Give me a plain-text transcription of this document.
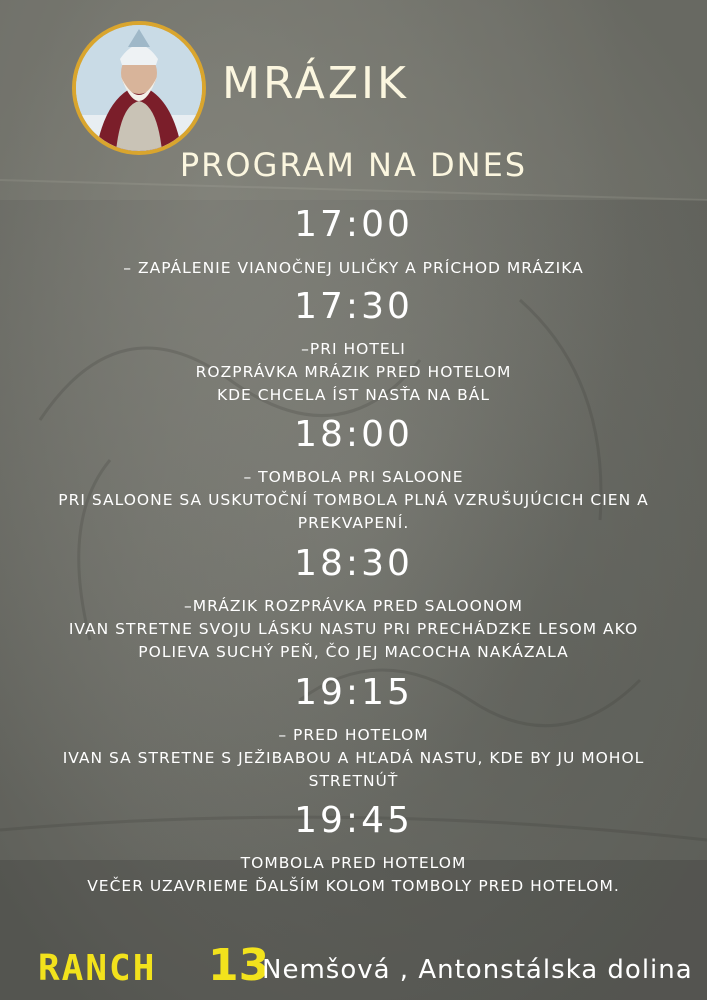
MRÁZIK
PROGRAM NA DNES
17:00
– ZAPÁLENIE VIANOČNEJ ULIČKY A PRÍCHOD MRÁZIKA
17:30
–PRI HOTELI
ROZPRÁVKA MRÁZIK PRED HOTELOM
KDE CHCELA ÍST NASŤA NA BÁL
18:00
– TOMBOLA PRI SALOONE
PRI SALOONE SA USKUTOČNÍ TOMBOLA PLNÁ VZRUŠUJÚCICH CIEN A
PREKVAPENÍ.
18:30
–MRÁZIK ROZPRÁVKA PRED SALOONOM
IVAN STRETNE SVOJU LÁSKU NASTU PRI PRECHÁDZKE LESOM AKO
POLIEVA SUCHÝ PEŇ, ČO JEJ MACOCHA NAKÁZALA
19:15
– PRED HOTELOM
IVAN SA STRETNE S JEŽIBABOU A HĽADÁ NASTU, KDE BY JU MOHOL
STRETNÚŤ
19:45
TOMBOLA PRED HOTELOM
VEČER UZAVRIEME ĎALŠÍM KOLOM TOMBOLY PRED HOTELOM.
RANCH 13
Nemšová , Antonstálska dolina
